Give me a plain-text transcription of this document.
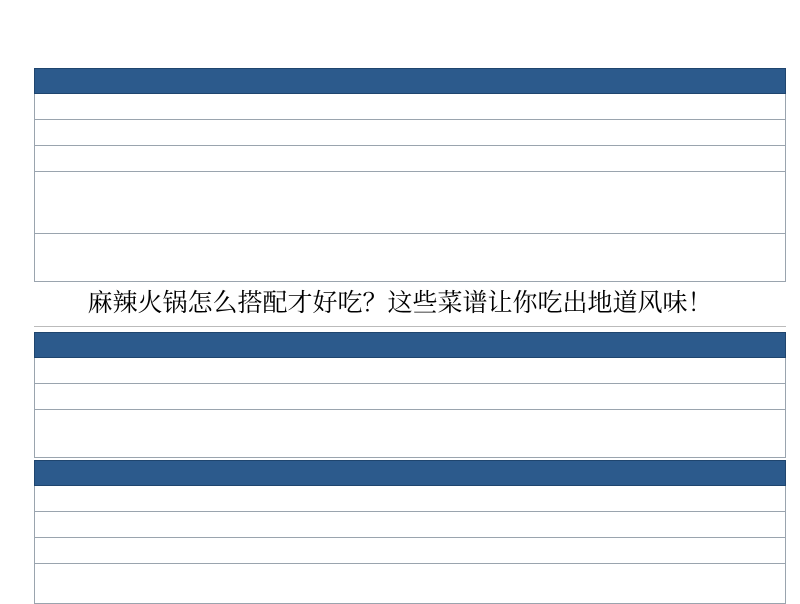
麻辣火锅怎么搭配才好吃？这些菜谱让你吃出地道风味！
